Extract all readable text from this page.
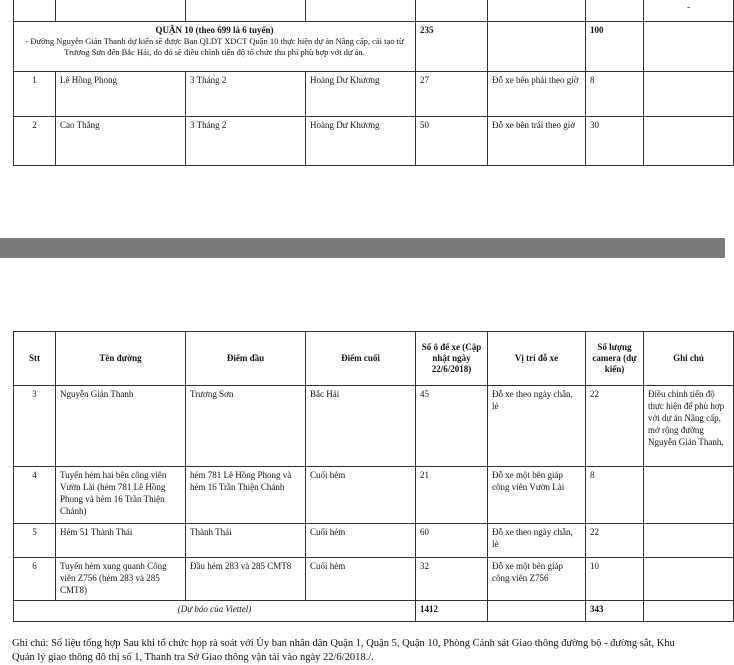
-

QUẬN 10 (theo 699 là 6 tuyến)
- Đường Nguyễn Giản Thanh dự kiến sẽ được Ban QLDT XDCT Quận 10 thực hiện dự án Nâng cấp, cải tạo từ Trương Sơn đến Bắc Hải, do đó sẽ điều chỉnh tiến độ tổ chức thu phí phù hợp với dự án.				235		100	
1	Lê Hồng Phong	3 Tháng 2	Hoàng Dư Khương	27	Đỗ xe bên phải theo giờ	8	
2	Cao Thắng	3 Tháng 2	Hoàng Dư Khương	50	Đỗ xe bên trái theo giờ	30	
Stt	Tên đường	Điểm đầu	Điểm cuối	Số ô để xe (Cập nhật ngày 22/6/2018)	Vị trí đỗ xe	Số lượng camera (dự kiến)	Ghi chú
3	Nguyễn Giản Thanh	Trương Sơn	Bắc Hải	45	Đỗ xe theo ngày chẵn, lẻ	22	Điều chỉnh tiến độ thực hiện để phù hợp với dự án Nâng cấp, mở rộng đường Nguyễn Giản Thanh.
4	Tuyến hẻm hai bên công viên Vườn Lài (hẻm 781 Lê Hồng Phong và hẻm 16 Trần Thiện Chánh)	hẻm 781 Lê Hồng Phong và hẻm 16 Trần Thiện Chánh	Cuối hẻm	21	Đỗ xe một bên giáp công viên Vườn Lài	8	
5	Hẻm 51 Thành Thái	Thành Thái	Cuối hẻm	60	Đỗ xe theo ngày chẵn, lẻ	22	
6	Tuyến hẻm xung quanh Công viên Z756 (hẻm 283 và 285 CMT8)	Đầu hẻm 283 và 285 CMT8	Cuối hẻm	32	Đỗ xe một bên giáp công viên Z756	10	
(Dự báo của Viettel)				1412		343	
Ghi chú: Số liệu tổng hợp Sau khi tổ chức họp rà soát với Ủy ban nhân dân Quận 1, Quận 5, Quận 10, Phòng Cảnh sát Giao thông đường bộ - đường sắt, Khu
Quản lý giao thông đô thị số 1, Thanh tra Sở Giao thông vận tải vào ngày 22/6/2018./.
